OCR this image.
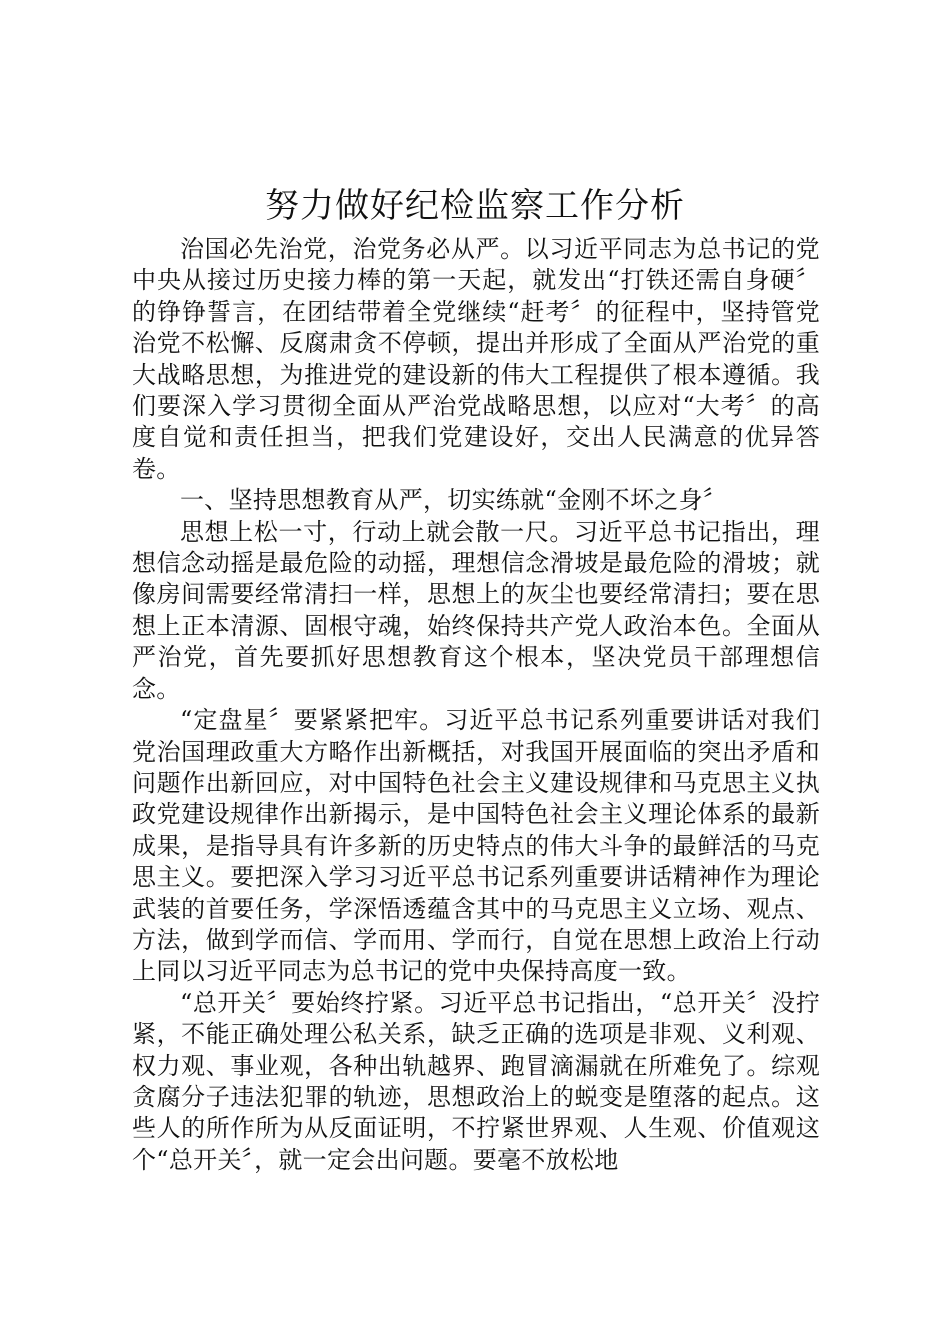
努力做好纪检监察工作分析

治国必先治党，治党务必从严。以习近平同志为总书记的党中央从接过历史接力棒的第一天起，就发出“打铁还需自身硬〞的铮铮誓言，在团结带着全党继续“赶考〞的征程中，坚持管党治党不松懈、反腐肃贪不停顿，提出并形成了全面从严治党的重大战略思想，为推进党的建设新的伟大工程提供了根本遵循。我们要深入学习贯彻全面从严治党战略思想，以应对“大考〞的高度自觉和责任担当，把我们党建设好，交出人民满意的优异答卷。

一、坚持思想教育从严，切实练就“金刚不坏之身〞

思想上松一寸，行动上就会散一尺。习近平总书记指出，理想信念动摇是最危险的动摇，理想信念滑坡是最危险的滑坡；就像房间需要经常清扫一样，思想上的灰尘也要经常清扫；要在思想上正本清源、固根守魂，始终保持共产党人政治本色。全面从严治党，首先要抓好思想教育这个根本，坚决党员干部理想信念。

“定盘星〞要紧紧把牢。习近平总书记系列重要讲话对我们党治国理政重大方略作出新概括，对我国开展面临的突出矛盾和问题作出新回应，对中国特色社会主义建设规律和马克思主义执政党建设规律作出新揭示，是中国特色社会主义理论体系的最新成果，是指导具有许多新的历史特点的伟大斗争的最鲜活的马克思主义。要把深入学习习近平总书记系列重要讲话精神作为理论武装的首要任务，学深悟透蕴含其中的马克思主义立场、观点、方法，做到学而信、学而用、学而行，自觉在思想上政治上行动上同以习近平同志为总书记的党中央保持高度一致。

“总开关〞要始终拧紧。习近平总书记指出，“总开关〞没拧紧，不能正确处理公私关系，缺乏正确的选项是非观、义利观、权力观、事业观，各种出轨越界、跑冒滴漏就在所难免了。综观贪腐分子违法犯罪的轨迹，思想政治上的蜕变是堕落的起点。这些人的所作所为从反面证明，不拧紧世界观、人生观、价值观这个“总开关〞，就一定会出问题。要毫不放松地
